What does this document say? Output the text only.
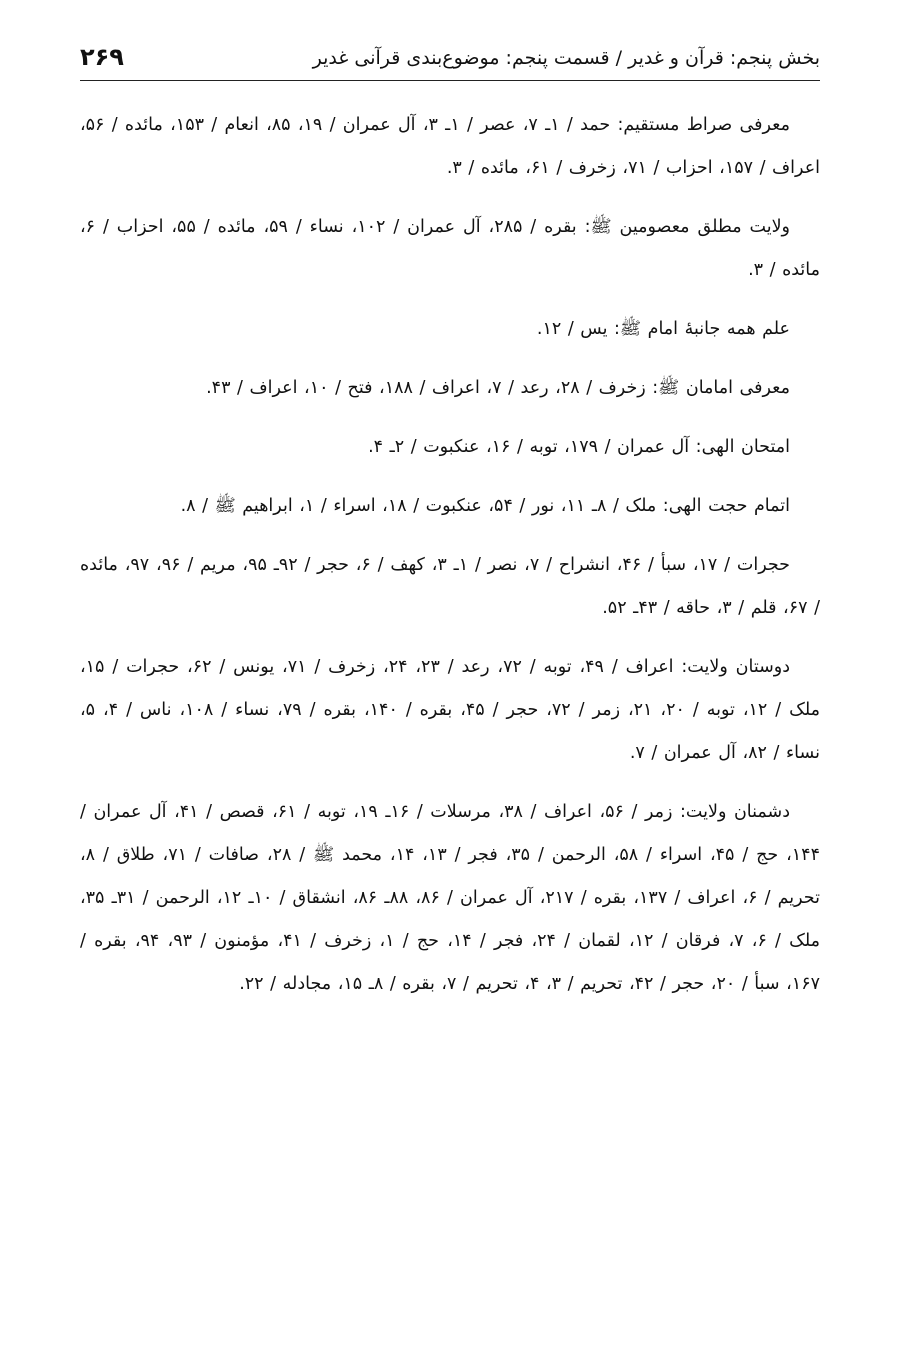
بخش پنجم: قرآن و غدیر / قسمت پنجم: موضوع‌بندی قرآنی غدیر
۲۶۹

معرفی صراط مستقیم: حمد / ۱ـ ۷، عصر / ۱ـ ۳، آل عمران / ۱۹، ۸۵، انعام / ۱۵۳، مائده / ۵۶، اعراف / ۱۵۷، احزاب / ۷۱، زخرف / ۶۱، مائده / ۳.

ولایت مطلق معصومین ﷺ: بقره / ۲۸۵، آل عمران / ۱۰۲، نساء / ۵۹، مائده / ۵۵، احزاب / ۶، مائده / ۳.

علم همه جانبهٔ امام ﷺ: یس / ۱۲.

معرفی امامان ﷺ: زخرف / ۲۸، رعد / ۷، اعراف / ۱۸۸، فتح / ۱۰، اعراف / ۴۳.

امتحان الهی: آل عمران / ۱۷۹، توبه / ۱۶، عنکبوت / ۲ـ ۴.

اتمام حجت الهی: ملک / ۸ـ ۱۱، نور / ۵۴، عنکبوت / ۱۸، اسراء / ۱، ابراهیم ﷺ / ۸.

حجرات / ۱۷، سبأ / ۴۶، انشراح / ۷، نصر / ۱ـ ۳، کهف / ۶، حجر / ۹۲ـ ۹۵، مریم / ۹۶، ۹۷، مائده / ۶۷، قلم / ۳، حاقه / ۴۳ـ ۵۲.

دوستان ولایت: اعراف / ۴۹، توبه / ۷۲، رعد / ۲۳، ۲۴، زخرف / ۷۱، یونس / ۶۲، حجرات / ۱۵، ملک / ۱۲، توبه / ۲۰، ۲۱، زمر / ۷۲، حجر / ۴۵، بقره / ۱۴۰، بقره / ۷۹، نساء / ۱۰۸، ناس / ۴، ۵، نساء / ۸۲، آل عمران / ۷.

دشمنان ولایت: زمر / ۵۶، اعراف / ۳۸، مرسلات / ۱۶ـ ۱۹، توبه / ۶۱، قصص / ۴۱، آل عمران / ۱۴۴، حج / ۴۵، اسراء / ۵۸، الرحمن / ۳۵، فجر / ۱۳، ۱۴، محمد ﷺ / ۲۸، صافات / ۷۱، طلاق / ۸، تحریم / ۶، اعراف / ۱۳۷، بقره / ۲۱۷، آل عمران / ۸۶، ۸۸ـ ۸۶، انشقاق / ۱۰ـ ۱۲، الرحمن / ۳۱ـ ۳۵، ملک / ۶، ۷، فرقان / ۱۲، لقمان / ۲۴، فجر / ۱۴، حج / ۱، زخرف / ۴۱، مؤمنون / ۹۳، ۹۴، بقره / ۱۶۷، سبأ / ۲۰، حجر / ۴۲، تحریم / ۳، ۴، تحریم / ۷، بقره / ۸ـ ۱۵، مجادله / ۲۲.
